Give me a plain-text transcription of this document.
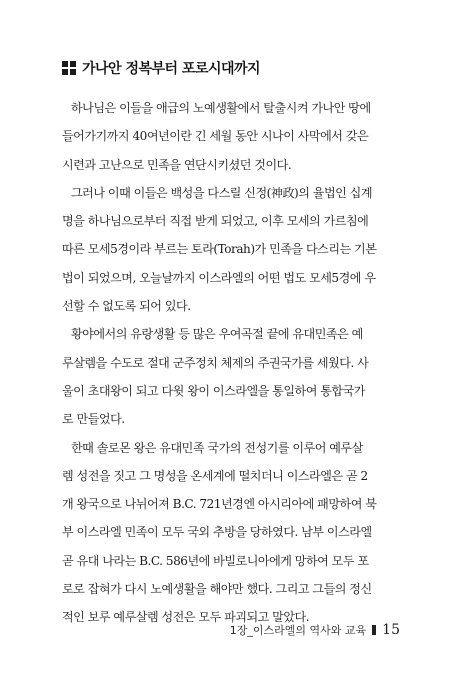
가나안 정복부터 포로시대까지

하나님은 이들을 애급의 노예생활에서 탈출시켜 가나안 땅에
들어가기까지 40여년이란 긴 세월 동안 시나이 사막에서 갖은
시련과 고난으로 민족을 연단시키셨던 것이다.

그러나 이때 이들은 백성을 다스릴 신정(神政)의 율법인 십계
명을 하나님으로부터 직접 받게 되었고, 이후 모세의 가르침에
따른 모세5경이라 부르는 토라(Torah)가 민족을 다스리는 기본
법이 되었으며, 오늘날까지 이스라엘의 어떤 법도 모세5경에 우
선할 수 없도록 되어 있다.

황야에서의 유랑생활 등 많은 우여곡절 끝에 유대민족은 예
루살렘을 수도로 절대 군주정치 체제의 주권국가를 세웠다. 사
울이 초대왕이 되고 다윗 왕이 이스라엘을 통일하여 통합국가
로 만들었다.

한때 솔로몬 왕은 유대민족 국가의 전성기를 이루어 예루살
렘 성전을 짓고 그 명성을 온세계에 떨치더니 이스라엘은 곧 2
개 왕국으로 나뉘어져 B.C. 721년경엔 아시리아에 패망하여 북
부 이스라엘 민족이 모두 국외 추방을 당하였다. 남부 이스라엘
곧 유대 나라는 B.C. 586년에 바빌로니아에게 망하여 모두 포
로로 잡혀가 다시 노예생활을 해야만 했다. 그리고 그들의 정신
적인 보루 예루살렘 성전은 모두 파괴되고 말았다.

1장_이스라엘의 역사와 교육 15
